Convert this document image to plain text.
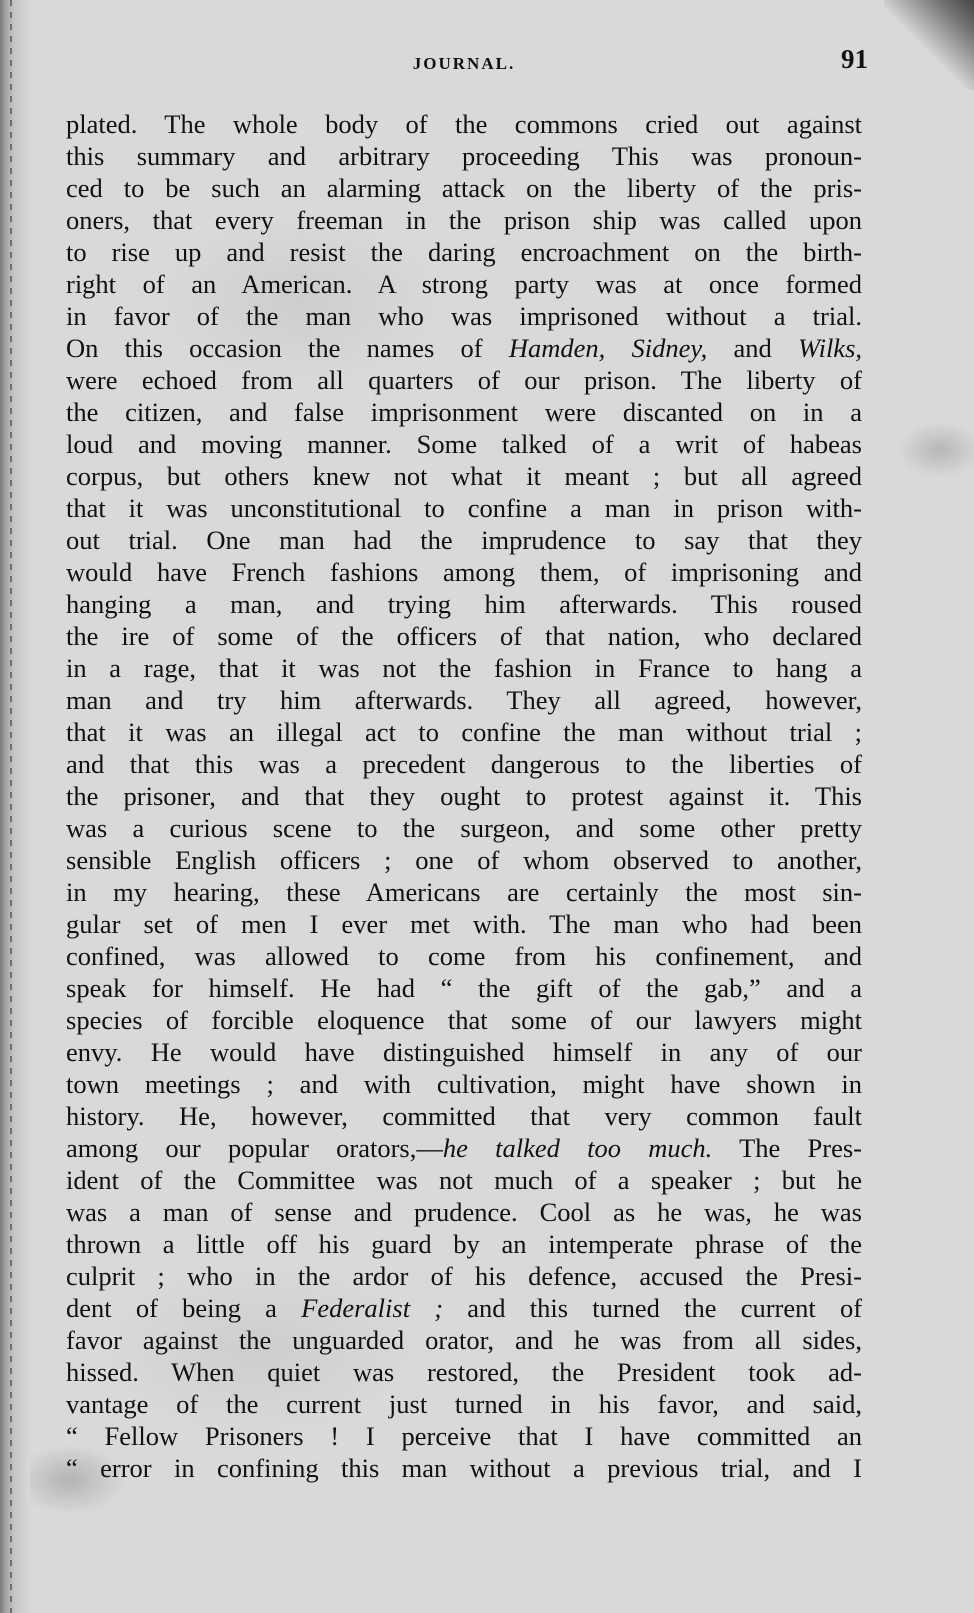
JOURNAL.	91
plated. The whole body of the commons cried out against
this summary and arbitrary proceeding This was pronoun-
ced to be such an alarming attack on the liberty of the pris-
oners, that every freeman in the prison ship was called upon
to rise up and resist the daring encroachment on the birth-
right of an American. A strong party was at once formed
in favor of the man who was imprisoned without a trial.
On this occasion the names of Hamden, Sidney, and Wilks,
were echoed from all quarters of our prison. The liberty of
the citizen, and false imprisonment were discanted on in a
loud and moving manner. Some talked of a writ of habeas
corpus, but others knew not what it meant ; but all agreed
that it was unconstitutional to confine a man in prison with-
out trial. One man had the imprudence to say that they
would have French fashions among them, of imprisoning and
hanging a man, and trying him afterwards. This roused
the ire of some of the officers of that nation, who declared
in a rage, that it was not the fashion in France to hang a
man and try him afterwards. They all agreed, however,
that it was an illegal act to confine the man without trial ;
and that this was a precedent dangerous to the liberties of
the prisoner, and that they ought to protest against it. This
was a curious scene to the surgeon, and some other pretty
sensible English officers ; one of whom observed to another,
in my hearing, these Americans are certainly the most sin-
gular set of men I ever met with. The man who had been
confined, was allowed to come from his confinement, and
speak for himself. He had “ the gift of the gab,” and a
species of forcible eloquence that some of our lawyers might
envy. He would have distinguished himself in any of our
town meetings ; and with cultivation, might have shown in
history. He, however, committed that very common fault
among our popular orators,—he talked too much. The Pres-
ident of the Committee was not much of a speaker ; but he
was a man of sense and prudence. Cool as he was, he was
thrown a little off his guard by an intemperate phrase of the
culprit ; who in the ardor of his defence, accused the Presi-
dent of being a Federalist ; and this turned the current of
favor against the unguarded orator, and he was from all sides,
hissed. When quiet was restored, the President took ad-
vantage of the current just turned in his favor, and said,
“ Fellow Prisoners ! I perceive that I have committed an
“ error in confining this man without a previous trial, and I
